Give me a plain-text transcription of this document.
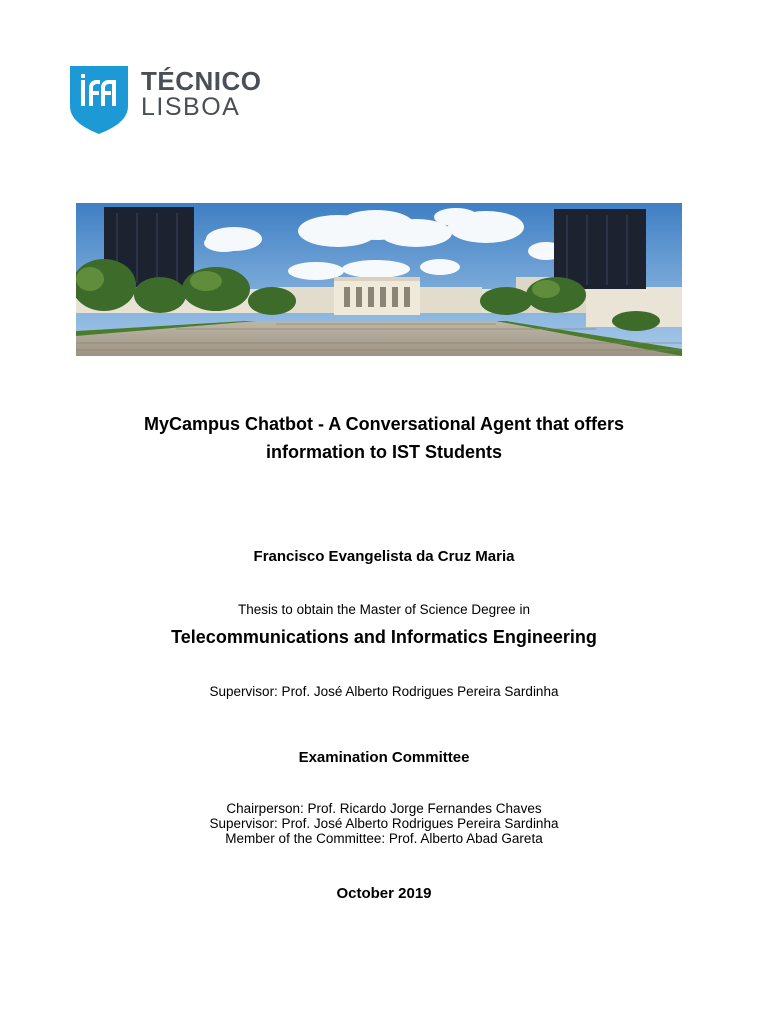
TÉCNICO
LISBOA
MyCampus Chatbot - A Conversational Agent that offers
information to IST Students
Francisco Evangelista da Cruz Maria
Thesis to obtain the Master of Science Degree in
Telecommunications and Informatics Engineering
Supervisor: Prof. José Alberto Rodrigues Pereira Sardinha
Examination Committee
Chairperson: Prof. Ricardo Jorge Fernandes Chaves
Supervisor: Prof. José Alberto Rodrigues Pereira Sardinha
Member of the Committee: Prof. Alberto Abad Gareta
October 2019
